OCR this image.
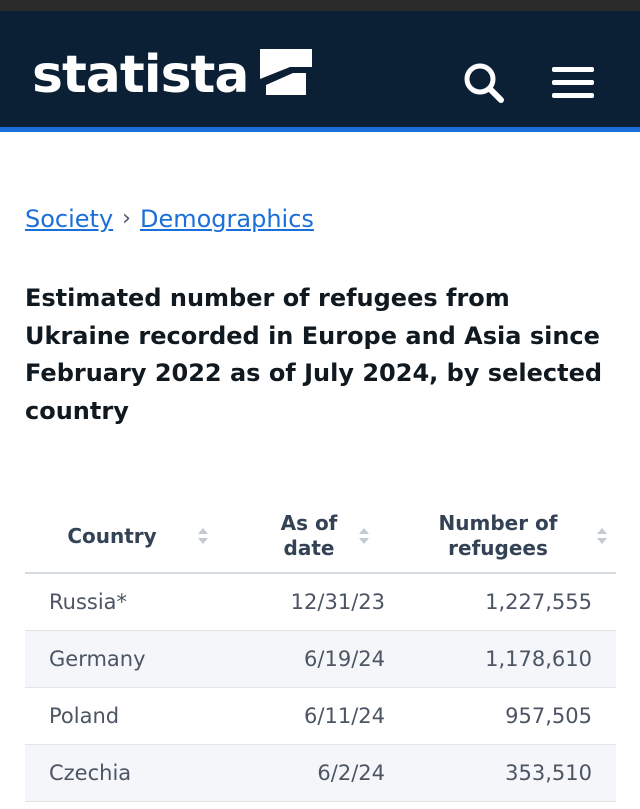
statista
Society › Demographics
Estimated number of refugees from Ukraine recorded in Europe and Asia since February 2022 as of July 2024, by selected country
Country	As of date	Number of refugees

Russia*	12/31/23	1,227,555
Germany	6/19/24	1,178,610
Poland	6/11/24	957,505
Czechia	6/2/24	353,510
